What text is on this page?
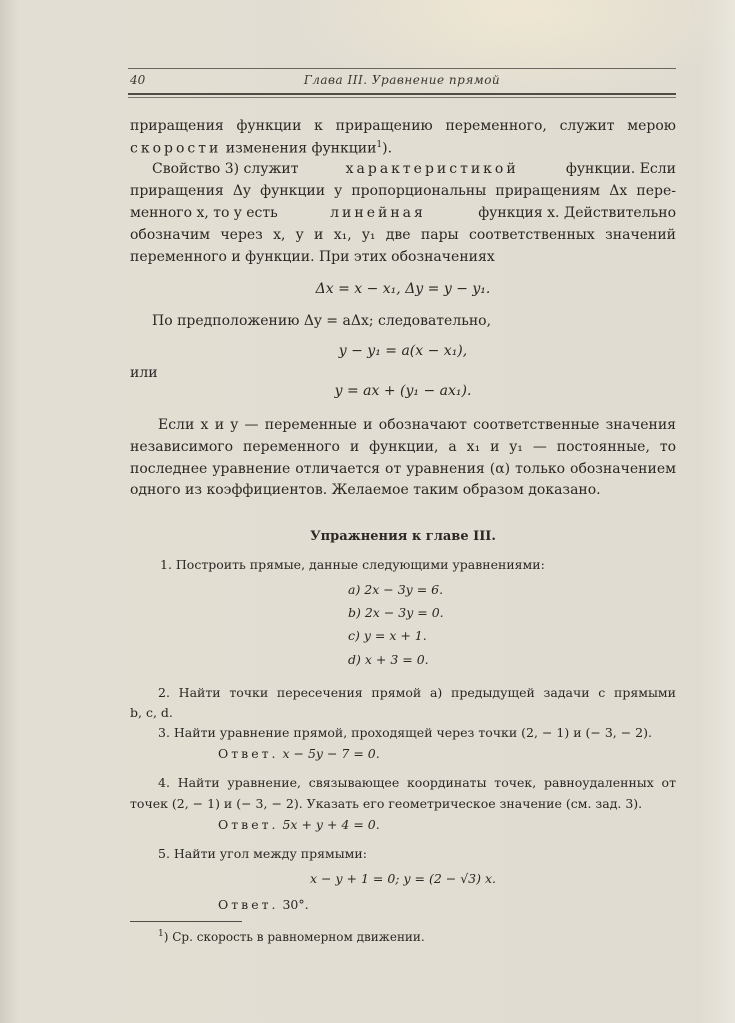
40	Глава III. Уравнение прямой
приращения функции к приращению переменного, служит мерою
скорости изменения функции$^1$).
Свойство 3) служит	характеристикой	функции. Если
приращения Δy функции y пропорциональны приращениям Δx пере-
менного x, то y есть	линейная	функция x. Действительно
обозначим через x, y и x₁, y₁ две пары соответственных значений
переменного и функции. При этих обозначениях
Δx = x − x₁, Δy = y − y₁.
По предположению Δy = aΔx; следовательно,
y − y₁ = a(x − x₁),
или
y = ax + (y₁ − ax₁).
Если x и y — переменные и обозначают соответственные значения
независимого переменного и функции, а x₁ и y₁ — постоянные, то
последнее уравнение отличается от уравнения (α) только обозначением
одного из коэффициентов. Желаемое таким образом доказано.
Упражнения к главе III.
1. Построить прямые, данные следующими уравнениями:
a) 2x − 3y = 6.
b) 2x − 3y = 0.
c) y = x + 1.
d) x + 3 = 0.
2. Найти точки пересечения прямой a) предыдущей задачи с прямыми
b, c, d.
3. Найти уравнение прямой, проходящей через точки (2, − 1) и (− 3, − 2).
Ответ. x − 5y − 7 = 0.
4. Найти уравнение, связывающее координаты точек, равноудаленных от
точек (2, − 1) и (− 3, − 2). Указать его геометрическое значение (см. зад. 3).
Ответ. 5x + y + 4 = 0.
5. Найти угол между прямыми:
x − y + 1 = 0; y = (2 − √3) x.
Ответ. 30°.
$^1$) Ср. скорость в равномерном движении.
